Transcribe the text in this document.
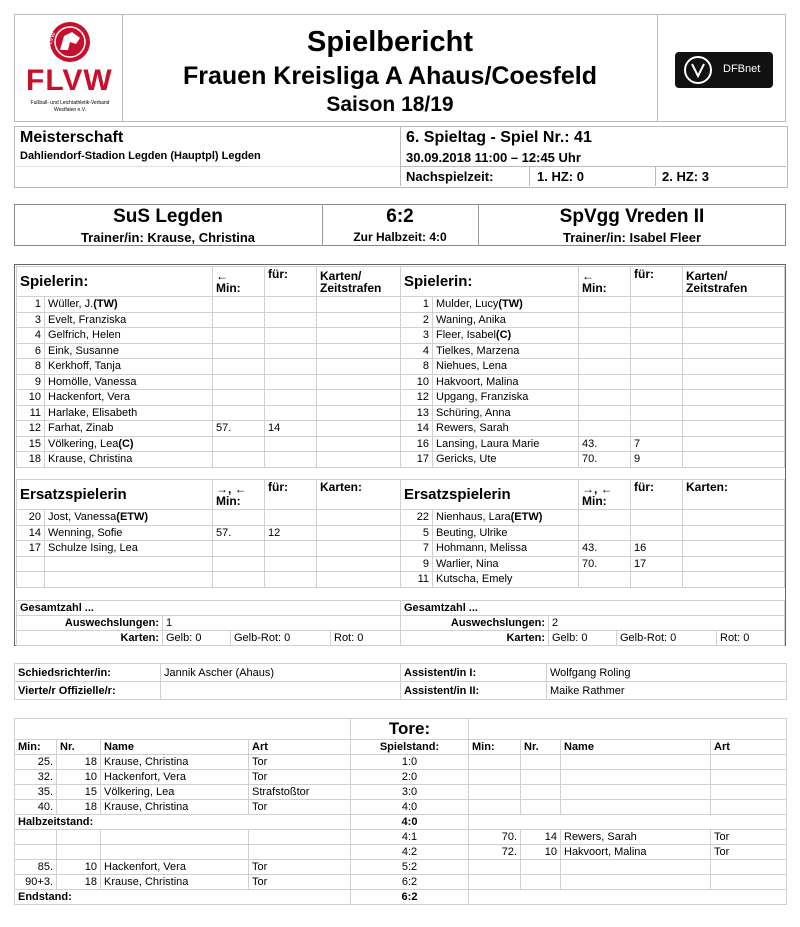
FLVW
FLVW
Fußball- und Leichtathletik-Verband Westfalen e.V.
Spielbericht
Frauen Kreisliga A Ahaus/Coesfeld
Saison 18/19
DFBnet
Meisterschaft
Dahliendorf-Stadion Legden (Hauptpl) Legden
6. Spieltag - Spiel Nr.: 41
30.09.2018 11:00 – 12:45 Uhr
Nachspielzeit:	1. HZ: 0	2. HZ: 3
SuS Legden
Trainer/in: Krause, Christina
6:2
Zur Halbzeit: 4:0
SpVgg Vreden II
Trainer/in: Isabel Fleer
Spielerin:		←
Min:	für:	Karten/
Zeitstrafen
1	Wüller, J.(TW)			
3	Evelt, Franziska			
4	Gelfrich, Helen			
6	Eink, Susanne			
8	Kerkhoff, Tanja			
9	Homölle, Vanessa			
10	Hackenfort, Vera			
11	Harlake, Elisabeth			
12	Farhat, Zinab	57.	14	
15	Völkering, Lea(C)			
18	Krause, Christina			
Spielerin:		←
Min:	für:	Karten/
Zeitstrafen
1	Mulder, Lucy(TW)			
2	Waning, Anika			
3	Fleer, Isabel(C)			
4	Tielkes, Marzena			
8	Niehues, Lena			
10	Hakvoort, Malina			
12	Upgang, Franziska			
13	Schüring, Anna			
14	Rewers, Sarah			
16	Lansing, Laura Marie	43.	7	
17	Gericks, Ute	70.	9	
Ersatzspielerin		→, ←
Min:	für:	Karten:
20	Jost, Vanessa(ETW)			
14	Wenning, Sofie	57.	12	
17	Schulze Ising, Lea			

Ersatzspielerin		→, ←
Min:	für:	Karten:
22	Nienhaus, Lara(ETW)			
5	Beuting, Ulrike			
7	Hohmann, Melissa	43.	16	
9	Warlier, Nina	70.	17	
11	Kutscha, Emely			
Gesamtzahl ...			
Auswechslungen:	1		
Karten:	Gelb: 0	Gelb-Rot: 0	Rot: 0
Gesamtzahl ...			
Auswechslungen:	2		
Karten:	Gelb: 0	Gelb-Rot: 0	Rot: 0
Schiedsrichter/in:	Jannik Ascher (Ahaus)	Assistent/in I:	Wolfgang Roling
Vierte/r Offizielle/r:		Assistent/in II:	Maike Rathmer
				Tore:				
Min:	Nr.	Name	Art	Spielstand:	Min:	Nr.	Name	Art
25.	18	Krause, Christina	Tor	1:0				
32.	10	Hackenfort, Vera	Tor	2:0				
35.	15	Völkering, Lea	Strafstoßtor	3:0				
40.	18	Krause, Christina	Tor	4:0				
Halbzeitstand:				4:0				
				4:1	70.	14	Rewers, Sarah	Tor
				4:2	72.	10	Hakvoort, Malina	Tor
85.	10	Hackenfort, Vera	Tor	5:2				
90+3.	18	Krause, Christina	Tor	6:2				
Endstand:				6:2				
